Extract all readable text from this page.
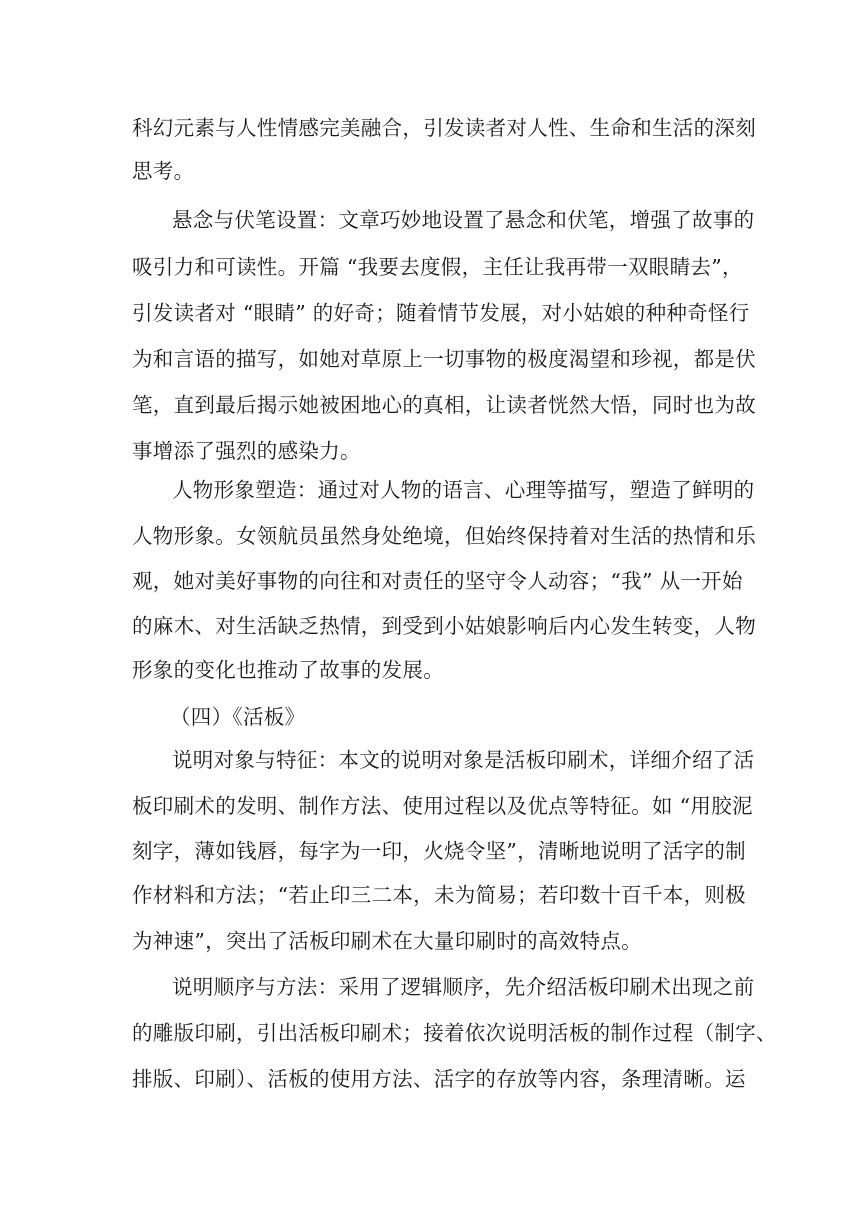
科幻元素与人性情感完美融合，引发读者对人性、生命和生活的深刻
思考。
悬念与伏笔设置：文章巧妙地设置了悬念和伏笔，增强了故事的
吸引力和可读性。开篇 “我要去度假，主任让我再带一双眼睛去”，
引发读者对 “眼睛” 的好奇；随着情节发展，对小姑娘的种种奇怪行
为和言语的描写，如她对草原上一切事物的极度渴望和珍视，都是伏
笔，直到最后揭示她被困地心的真相，让读者恍然大悟，同时也为故
事增添了强烈的感染力。
人物形象塑造：通过对人物的语言、心理等描写，塑造了鲜明的
人物形象。女领航员虽然身处绝境，但始终保持着对生活的热情和乐
观，她对美好事物的向往和对责任的坚守令人动容；“我” 从一开始
的麻木、对生活缺乏热情，到受到小姑娘影响后内心发生转变，人物
形象的变化也推动了故事的发展。
（四）《活板》
说明对象与特征：本文的说明对象是活板印刷术，详细介绍了活
板印刷术的发明、制作方法、使用过程以及优点等特征。如 “用胶泥
刻字，薄如钱唇，每字为一印，火烧令坚”，清晰地说明了活字的制
作材料和方法；“若止印三二本，未为简易；若印数十百千本，则极
为神速”，突出了活板印刷术在大量印刷时的高效特点。
说明顺序与方法：采用了逻辑顺序，先介绍活板印刷术出现之前
的雕版印刷，引出活板印刷术；接着依次说明活板的制作过程（制字、
排版、印刷）、活板的使用方法、活字的存放等内容，条理清晰。运
